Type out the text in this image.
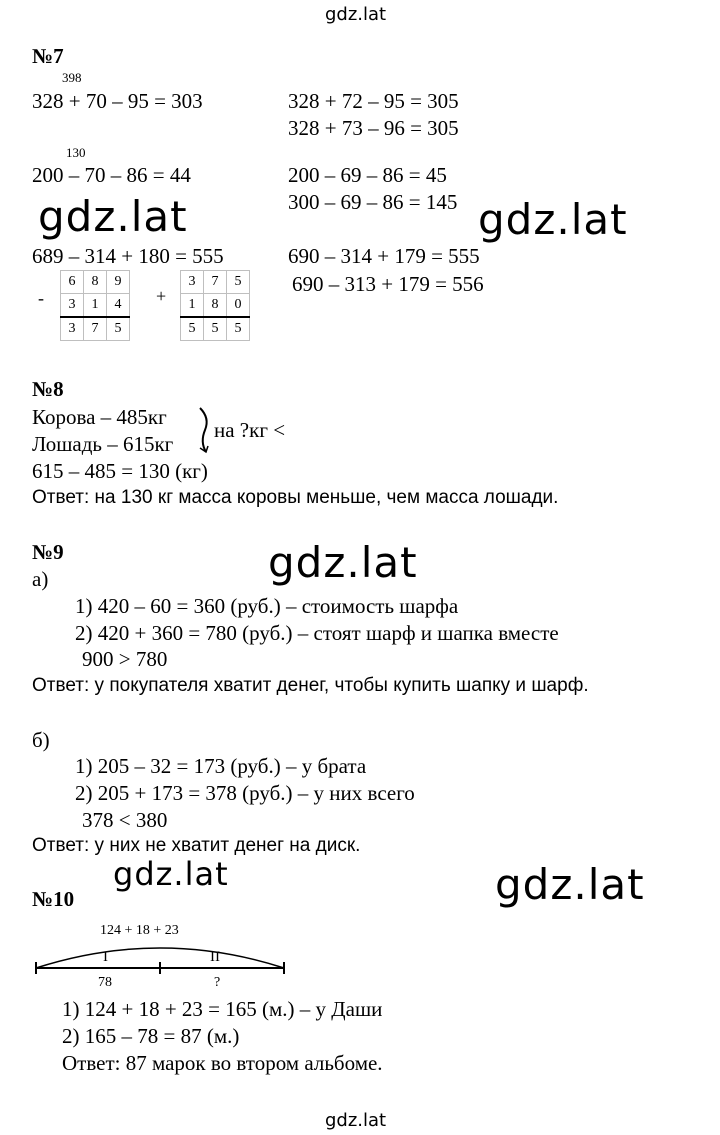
gdz.lat
gdz.lat	gdz.lat
gdz.lat
gdz.lat	gdz.lat
gdz.lat
№7
398
328 + 70 – 95 = 303	328 + 72 – 95 = 305
328 + 73 – 96 = 305
130
200 – 70 – 86 = 44	200 – 69 – 86 = 45
300 – 69 – 86 = 145
689 – 314 + 180 = 555	690 – 314 + 179 = 555
690 – 313 + 179 = 556
-
6	8	9
3	1	4
3	7	5
+
3	7	5
1	8	0
5	5	5
№8
Корова – 485кг
Лошадь – 615кг
на ?кг <
615 – 485 = 130 (кг)
Ответ: на 130 кг масса коровы меньше, чем масса лошади.
№9
а)
1) 420 – 60 = 360 (руб.) – стоимость шарфа
2) 420 + 360 = 780 (руб.) – стоят шарф и шапка вместе
900 > 780
Ответ: у покупателя хватит денег, чтобы купить шапку и шарф.
б)
1) 205 – 32 = 173 (руб.) – у брата
2) 205 + 173 = 378 (руб.) – у них всего
378 < 380
Ответ: у них не хватит денег на диск.
№10
124 + 18 + 23
I	II
78	?
1) 124 + 18 + 23 = 165 (м.) – у Даши
2) 165 – 78 = 87 (м.)
Ответ: 87 марок во втором альбоме.
